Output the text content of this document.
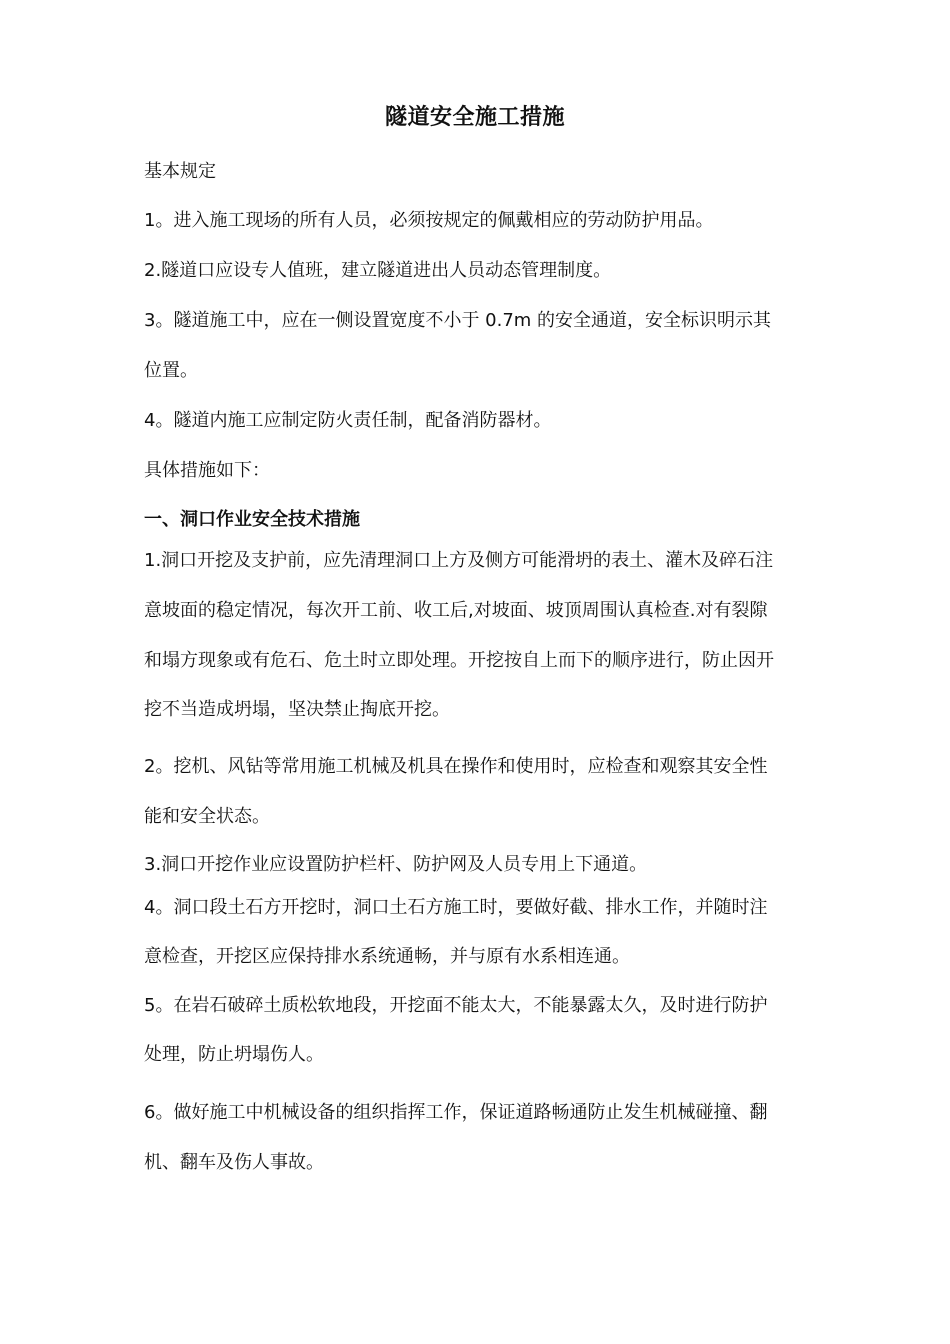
隧道安全施工措施
基本规定
1。进入施工现场的所有人员，必须按规定的佩戴相应的劳动防护用品。
2.隧道口应设专人值班，建立隧道进出人员动态管理制度。
3。隧道施工中，应在一侧设置宽度不小于 0.7m 的安全通道，安全标识明示其
位置。
4。隧道内施工应制定防火责任制，配备消防器材。
具体措施如下：
一、洞口作业安全技术措施
1.洞口开挖及支护前，应先清理洞口上方及侧方可能滑坍的表土、灌木及碎石注
意坡面的稳定情况，每次开工前、收工后,对坡面、坡顶周围认真检查.对有裂隙
和塌方现象或有危石、危土时立即处理。开挖按自上而下的顺序进行，防止因开
挖不当造成坍塌，坚决禁止掏底开挖。
2。挖机、风钻等常用施工机械及机具在操作和使用时，应检查和观察其安全性
能和安全状态。
3.洞口开挖作业应设置防护栏杆、防护网及人员专用上下通道。
4。洞口段土石方开挖时，洞口土石方施工时，要做好截、排水工作，并随时注
意检查，开挖区应保持排水系统通畅，并与原有水系相连通。
5。在岩石破碎土质松软地段，开挖面不能太大，不能暴露太久，及时进行防护
处理，防止坍塌伤人。
6。做好施工中机械设备的组织指挥工作，保证道路畅通防止发生机械碰撞、翻
机、翻车及伤人事故。
